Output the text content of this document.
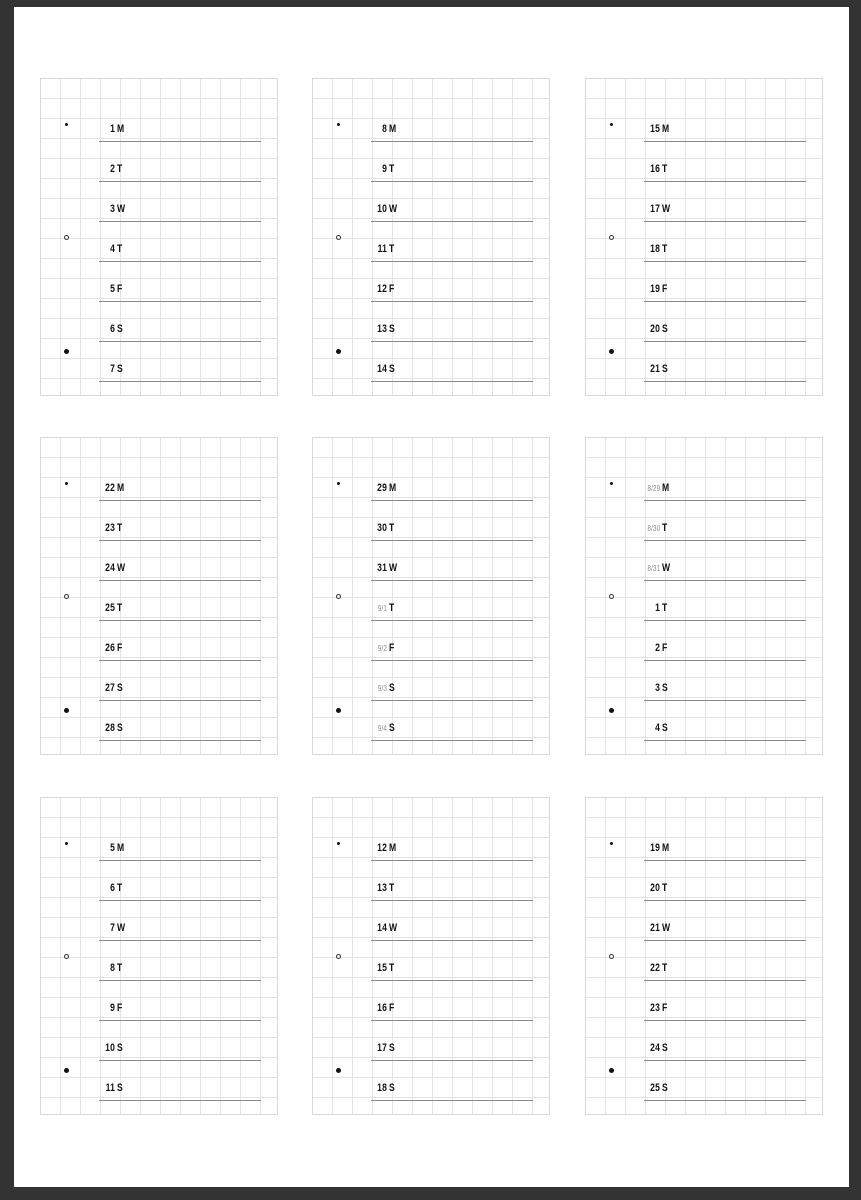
1 M
2 T
3 W
4 T
5 F
6 S
7 S
8 M
9 T
10 W
11 T
12 F
13 S
14 S
15 M
16 T
17 W
18 T
19 F
20 S
21 S
22 M
23 T
24 W
25 T
26 F
27 S
28 S
29 M
30 T
31 W
9/1 T
9/2 F
9/3 S
9/4 S
8/29 M
8/30 T
8/31 W
1 T
2 F
3 S
4 S
5 M
6 T
7 W
8 T
9 F
10 S
11 S
12 M
13 T
14 W
15 T
16 F
17 S
18 S
19 M
20 T
21 W
22 T
23 F
24 S
25 S
